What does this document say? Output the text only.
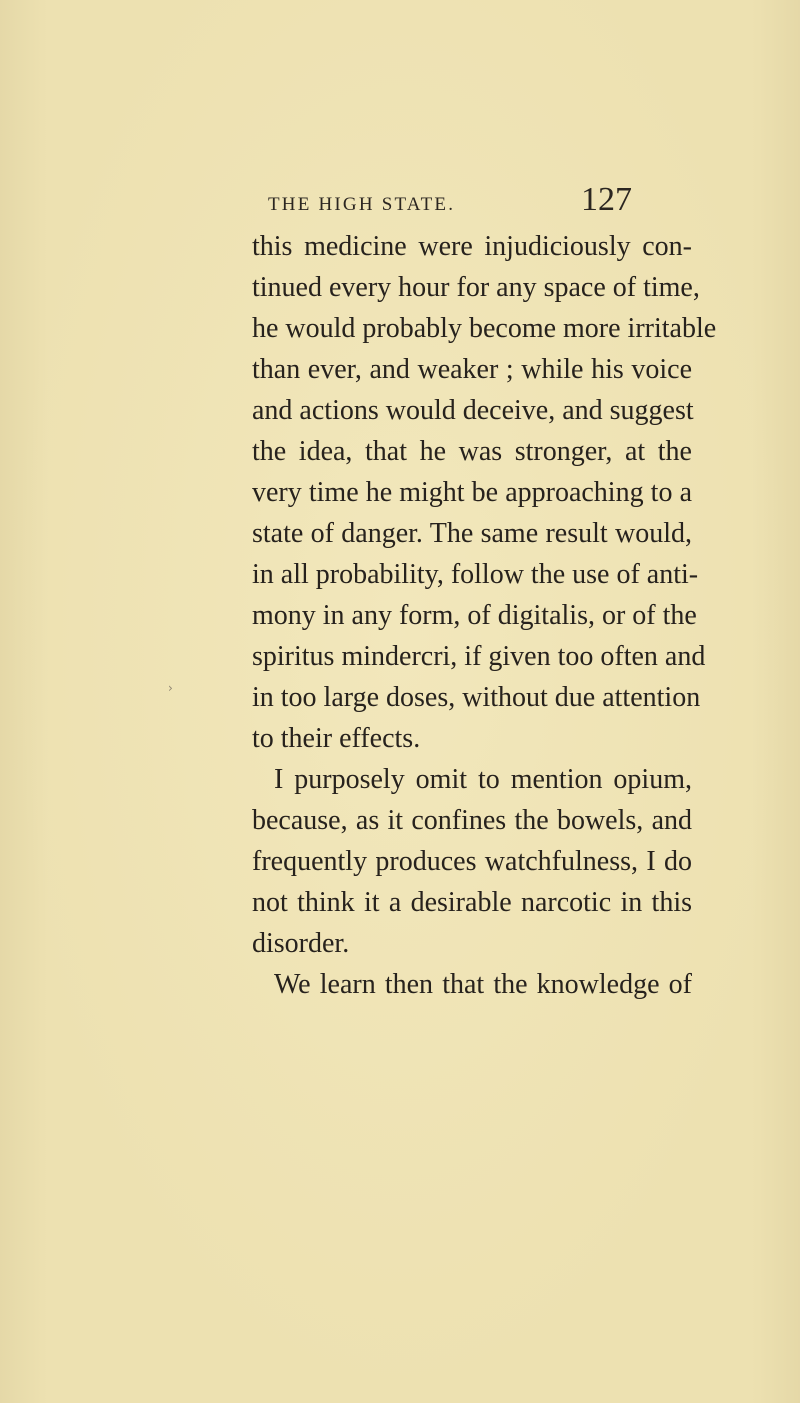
THE HIGH STATE.	127
this medicine were injudiciously con-
tinued every hour for any space of time,
he would probably become more irritable
than ever, and weaker ; while his voice
and actions would deceive, and suggest
the idea, that he was stronger, at the
very time he might be approaching to a
state of danger. The same result would,
in all probability, follow the use of anti-
mony in any form, of digitalis, or of the
spiritus mindercri, if given too often and
in too large doses, without due attention
to their effects.
I purposely omit to mention opium,
because, as it confines the bowels, and
frequently produces watchfulness, I do
not think it a desirable narcotic in this
disorder.
We learn then that the knowledge of
›
